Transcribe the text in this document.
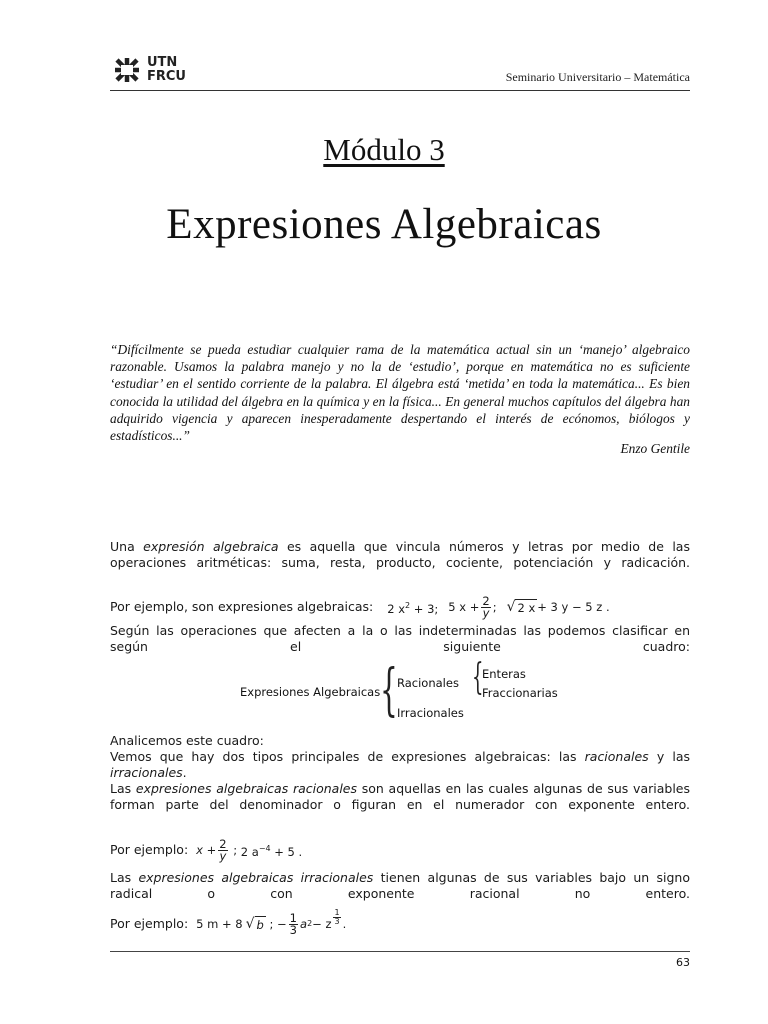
UTN
FRCU	Seminario Universitario – Matemática
Módulo 3
Expresiones Algebraicas
“Difícilmente se pueda estudiar cualquier rama de la matemática actual sin un ‘manejo’ algebraico razonable. Usamos la palabra manejo y no la de ‘estudio’, porque en matemática no es suficiente ‘estudiar’ en el sentido corriente de la palabra. El álgebra está ‘metida’ en toda la matemática... Es bien conocida la utilidad del álgebra en la química y en la física... En general muchos capítulos del álgebra han adquirido vigencia y aparecen inesperadamente despertando el interés de ecónomos, biólogos y estadísticos...”
Enzo Gentile
Una expresión algebraica es aquella que vincula números y letras por medio de las operaciones aritméticas: suma, resta, producto, cociente, potenciación y radicación.
Por ejemplo, son expresiones algebraicas: 2 $x^2 + 3$; 5 $x + \frac{2}{y}$ ; √ 2 x + 3 y − 5 z .
Según las operaciones que afecten a la o las indeterminadas las podemos clasificar en según el siguiente cuadro:
Expresiones Algebraicas { Racionales
Irracionales
{
Enteras
Fraccionarias
Analicemos este cuadro:
Vemos que hay dos tipos principales de expresiones algebraicas: las racionales y las irracionales.
Las expresiones algebraicas racionales son aquellas en las cuales algunas de sus variables forman parte del denominador o figuran en el numerador con exponente entero.
Por ejemplo: $x + \frac{2}{y}$ ; 2 $a^{-4} + 5$ .
Las expresiones algebraicas irracionales tienen algunas de sus variables bajo un signo radical o con exponente racional no entero.
Por ejemplo: 5 m + 8 √ b ; − $\frac{1}{3}$ a 2 − z $\frac{1}{3}$ .
63
